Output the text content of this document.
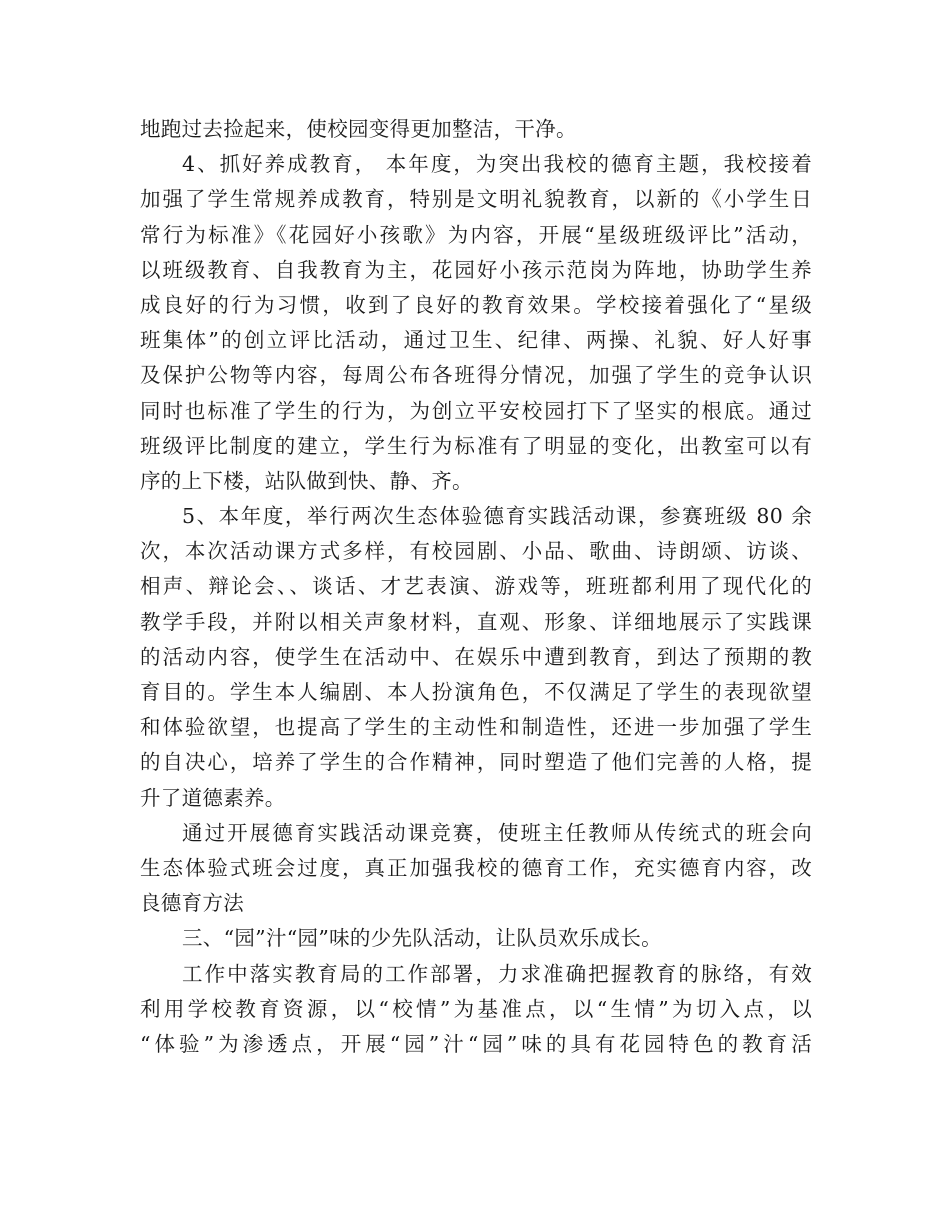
地跑过去捡起来，使校园变得更加整洁，干净。
4、抓好养成教育， 本年度，为突出我校的德育主题，我校接着
加强了学生常规养成教育，特别是文明礼貌教育，以新的《小学生日
常行为标准》《花园好小孩歌》为内容，开展“星级班级评比”活动，
以班级教育、自我教育为主，花园好小孩示范岗为阵地，协助学生养
成良好的行为习惯，收到了良好的教育效果。学校接着强化了“星级
班集体”的创立评比活动，通过卫生、纪律、两操、礼貌、好人好事
及保护公物等内容，每周公布各班得分情况，加强了学生的竞争认识
同时也标准了学生的行为，为创立平安校园打下了坚实的根底。通过
班级评比制度的建立，学生行为标准有了明显的变化，出教室可以有
序的上下楼，站队做到快、静、齐。
5、本年度，举行两次生态体验德育实践活动课，参赛班级 80 余
次，本次活动课方式多样，有校园剧、小品、歌曲、诗朗颂、访谈、
相声、辩论会、、谈话、才艺表演、游戏等，班班都利用了现代化的
教学手段，并附以相关声象材料，直观、形象、详细地展示了实践课
的活动内容，使学生在活动中、在娱乐中遭到教育，到达了预期的教
育目的。学生本人编剧、本人扮演角色，不仅满足了学生的表现欲望
和体验欲望，也提高了学生的主动性和制造性，还进一步加强了学生
的自决心，培养了学生的合作精神，同时塑造了他们完善的人格，提
升了道德素养。
通过开展德育实践活动课竞赛，使班主任教师从传统式的班会向
生态体验式班会过度，真正加强我校的德育工作，充实德育内容，改
良德育方法
三、“园”汁“园”味的少先队活动，让队员欢乐成长。
工作中落实教育局的工作部署，力求准确把握教育的脉络，有效
利用学校教育资源，以“校情”为基准点，以“生情”为切入点，以
“体验”为渗透点，开展“园”汁“园”味的具有花园特色的教育活
